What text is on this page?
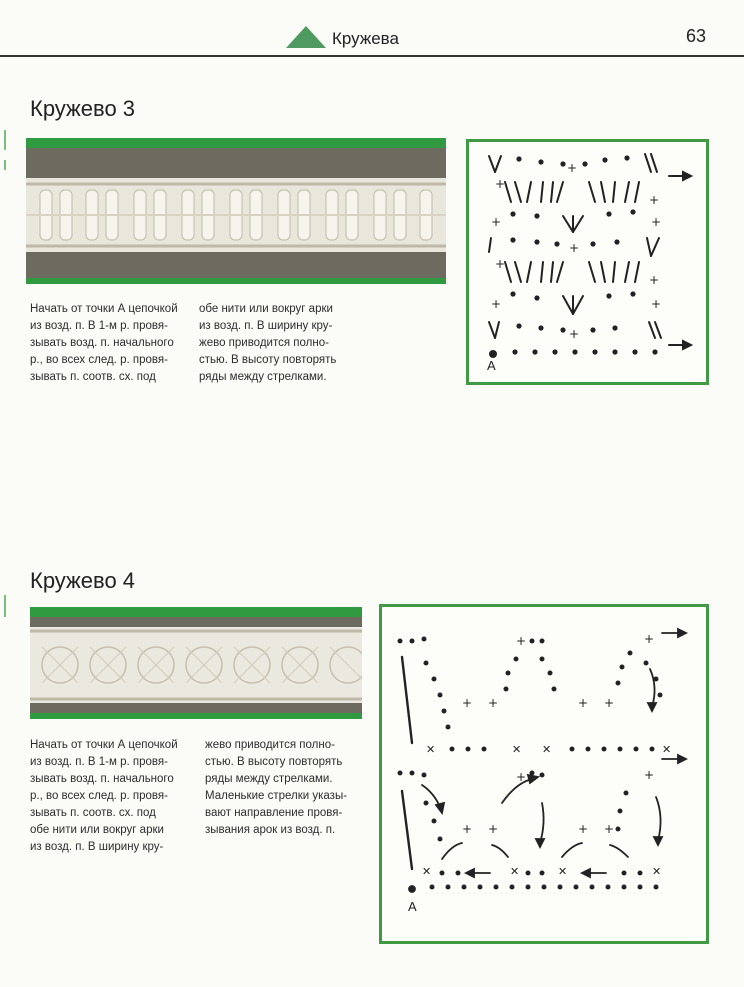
Кружева	63
Кружево 3
Начать от точки А цепочкой
из возд. п. В 1-м р. провя-
зывать возд. п. начального
р., во всех след. р. провя-
зывать п. соотв. сх. под
обе нити или вокруг арки
из возд. п. В ширину кру-
жево приводится полно-
стью. В высоту повторять
ряды между стрелками.
+
+
+
+	+
+
+
+
+	+
+
А
Кружево 4
Начать от точки А цепочкой
из возд. п. В 1-м р. провя-
зывать возд. п. начального
р., во всех след. р. провя-
зывать п. соотв. сх. под
обе нити или вокруг арки
из возд. п. В ширину кру-
жево приводится полно-
стью. В высоту повторять
ряды между стрелками.
Маленькие стрелки указы-
вают направление провя-
зывания арок из возд. п.
+	+
+ +	+ +
✕	✕ ✕	✕
+	+
+ +	+ +
✕	✕	✕	✕
А
